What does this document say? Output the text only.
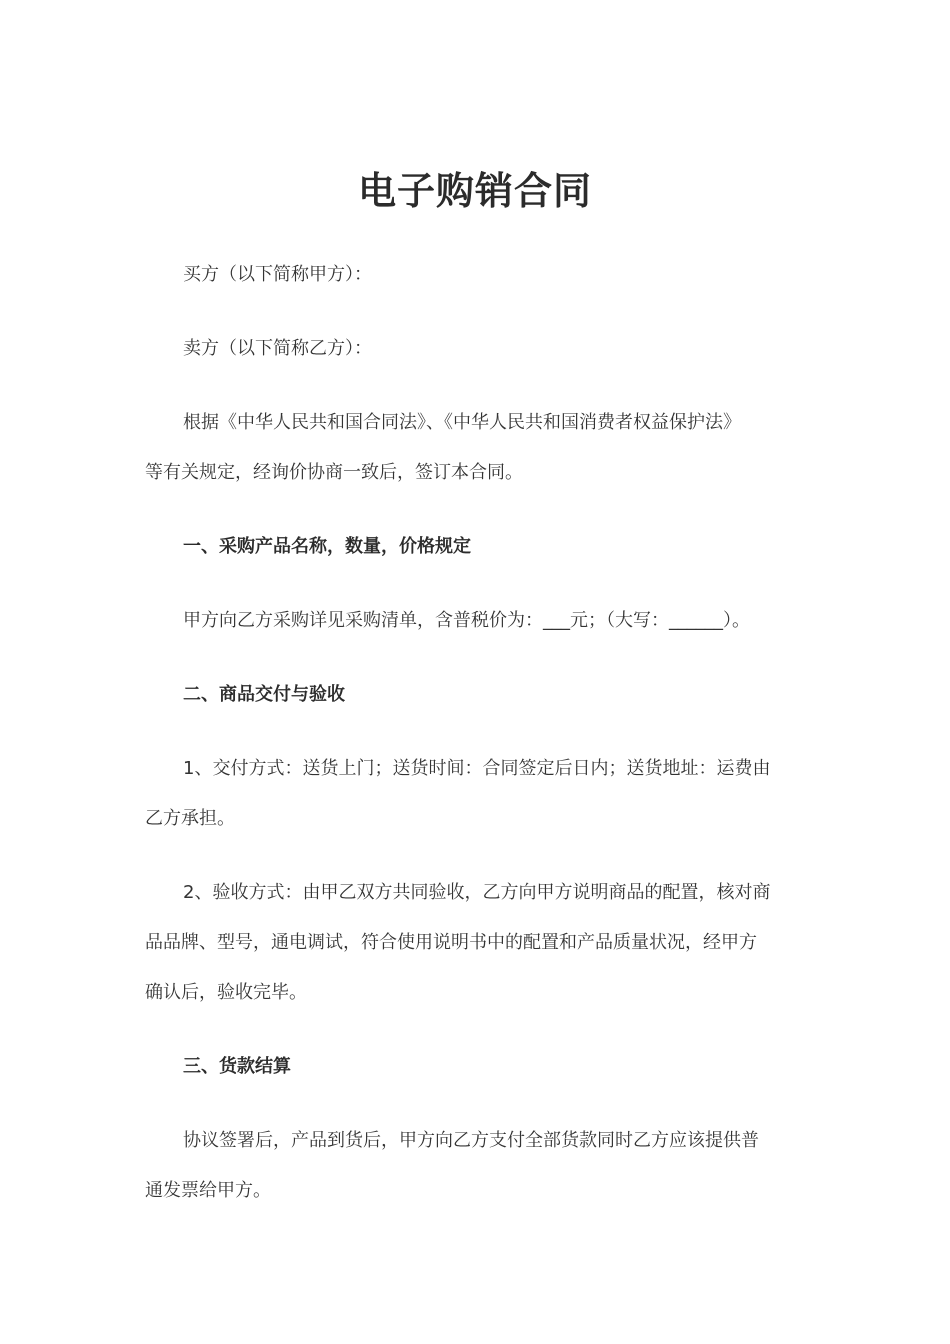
电子购销合同

买方（以下简称甲方）：

卖方（以下简称乙方）：

根据《中华人民共和国合同法》、《中华人民共和国消费者权益保护法》
等有关规定，经询价协商一致后，签订本合同。

一、采购产品名称，数量，价格规定

甲方向乙方采购详见采购清单，含普税价为：___元；（大写：______）。

二、商品交付与验收

1、交付方式：送货上门；送货时间：合同签定后日内；送货地址：运费由
乙方承担。

2、验收方式：由甲乙双方共同验收，乙方向甲方说明商品的配置，核对商
品品牌、型号，通电调试，符合使用说明书中的配置和产品质量状况，经甲方
确认后，验收完毕。

三、货款结算

协议签署后，产品到货后，甲方向乙方支付全部货款同时乙方应该提供普
通发票给甲方。
